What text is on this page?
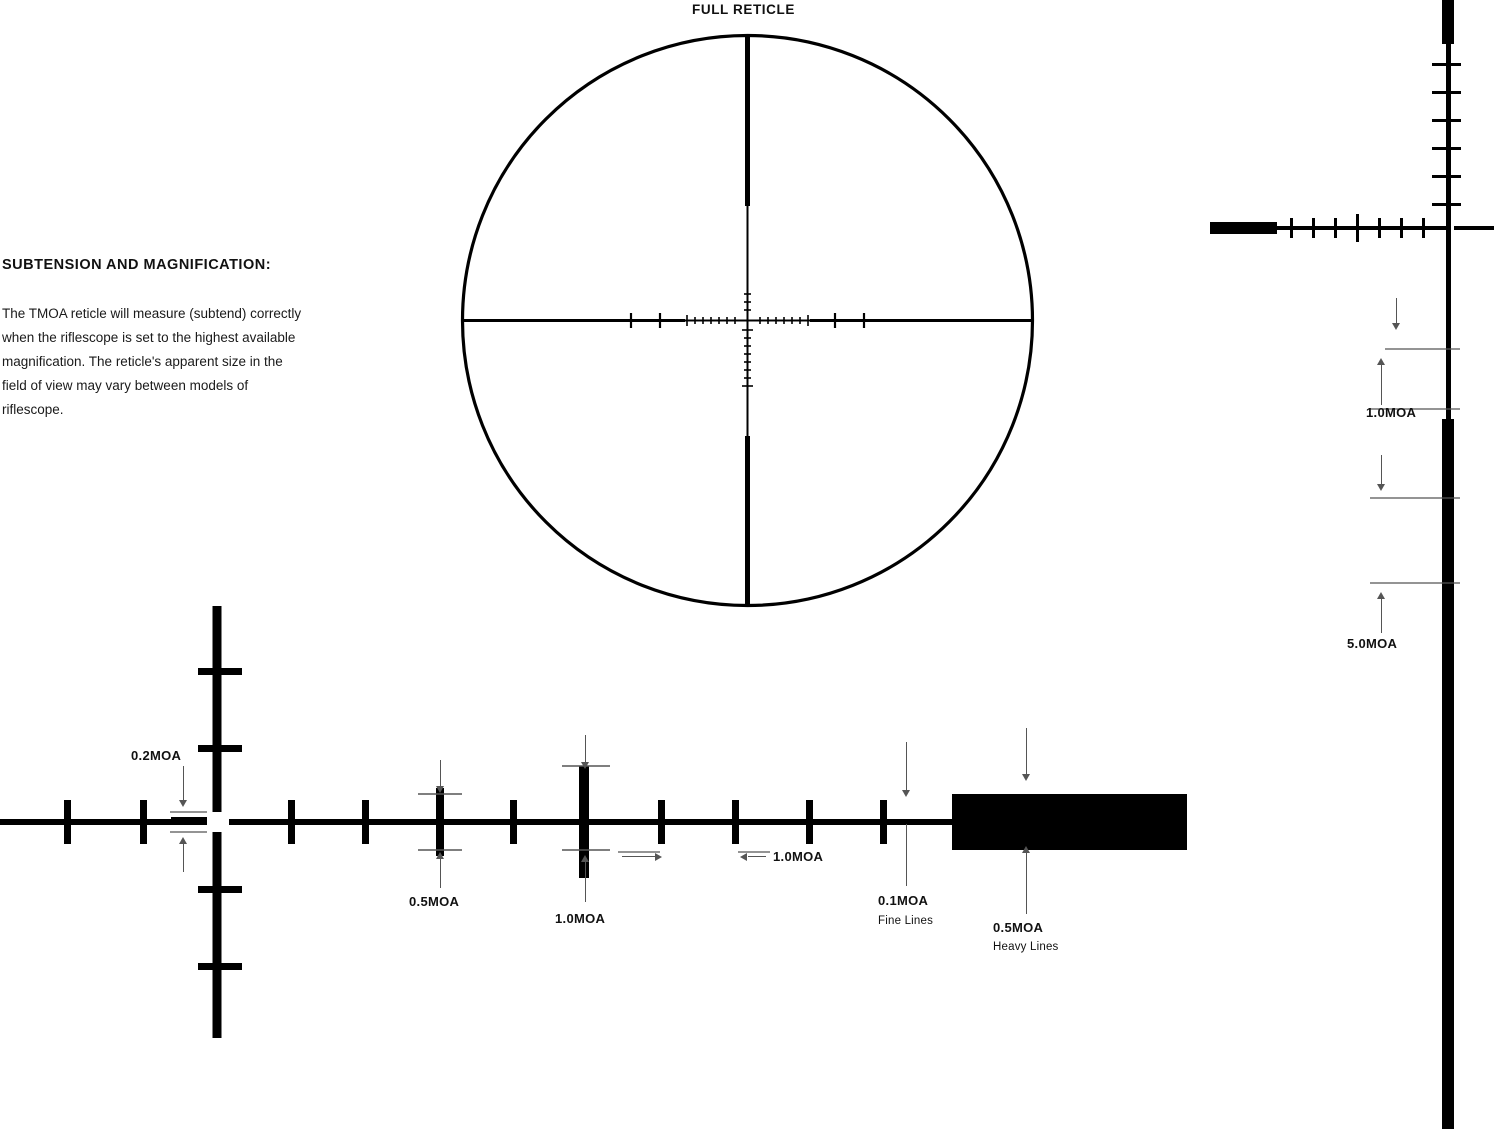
FULL RETICLE
SUBTENSION AND MAGNIFICATION:
The TMOA reticle will measure (subtend) correctly when the riflescope is set to the highest available magnification. The reticle's apparent size in the field of view may vary between models of riflescope.
0.2MOA
0.5MOA
1.0MOA
1.0MOA
0.1MOA
Fine Lines	0.5MOA
Heavy Lines
1.0MOA
5.0MOA
